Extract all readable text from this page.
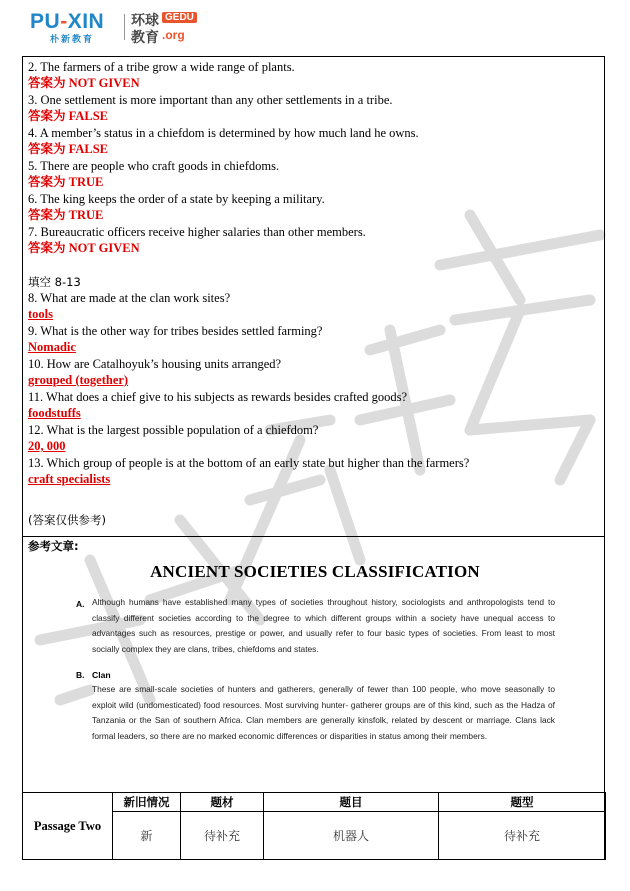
PU-XIN
朴新教育
环球 GEDU
教育 .org
2. The farmers of a tribe grow a wide range of plants.
答案为 NOT GIVEN
3. One settlement is more important than any other settlements in a tribe.
答案为 FALSE
4. A member’s status in a chiefdom is determined by how much land he owns.
答案为 FALSE
5. There are people who craft goods in chiefdoms.
答案为 TRUE
6. The king keeps the order of a state by keeping a military.
答案为 TRUE
7. Bureaucratic officers receive higher salaries than other members.
答案为 NOT GIVEN
填空 8-13
8. What are made at the clan work sites?
tools
9. What is the other way for tribes besides settled farming?
Nomadic
10. How are Catalhoyuk’s housing units arranged?
grouped (together)
11. What does a chief give to his subjects as rewards besides crafted goods?
foodstuffs
12. What is the largest possible population of a chiefdom?
20, 000
13. Which group of people is at the bottom of an early state but higher than the farmers?
craft specialists
(答案仅供参考)
参考文章:
ANCIENT SOCIETIES CLASSIFICATION
A. Although humans have established many types of societies throughout history, sociologists and anthropologists tend to classify different societies according to the degree to which different groups within a society have unequal access to advantages such as resources, prestige or power, and usually refer to four basic types of societies. From least to most socially complex they are clans, tribes, chiefdoms and states.
B. Clan
These are small-scale societies of hunters and gatherers, generally of fewer than 100 people, who move seasonally to exploit wild (undomesticated) food resources. Most surviving hunter- gatherer groups are of this kind, such as the Hadza of Tanzania or the San of southern Africa. Clan members are generally kinsfolk, related by descent or marriage. Clans lack formal leaders, so there are no marked economic differences or disparities in status among their members.
Passage Two	新旧情况	题材	题目	题型
	新	待补充	机器人	待补充
